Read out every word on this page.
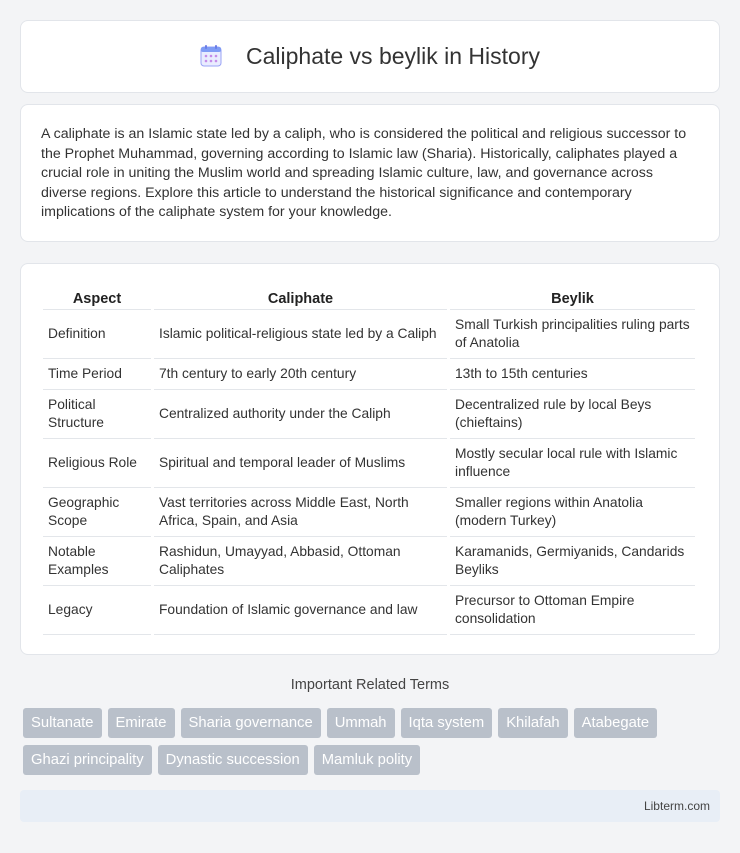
Caliphate vs beylik in History

A caliphate is an Islamic state led by a caliph, who is considered the political and religious successor to the Prophet Muhammad, governing according to Islamic law (Sharia). Historically, caliphates played a crucial role in uniting the Muslim world and spreading Islamic culture, law, and governance across diverse regions. Explore this article to understand the historical significance and contemporary implications of the caliphate system for your knowledge.

Aspect	Caliphate	Beylik
Definition	Islamic political-religious state led by a Caliph	Small Turkish principalities ruling parts of Anatolia
Time Period	7th century to early 20th century	13th to 15th centuries
Political Structure	Centralized authority under the Caliph	Decentralized rule by local Beys (chieftains)
Religious Role	Spiritual and temporal leader of Muslims	Mostly secular local rule with Islamic influence
Geographic Scope	Vast territories across Middle East, North Africa, Spain, and Asia	Smaller regions within Anatolia (modern Turkey)
Notable Examples	Rashidun, Umayyad, Abbasid, Ottoman Caliphates	Karamanids, Germiyanids, Candarids Beyliks
Legacy	Foundation of Islamic governance and law	Precursor to Ottoman Empire consolidation
Important Related Terms
Sultanate	Emirate	Sharia governance	Ummah	Iqta system	Khilafah	Atabegate
Ghazi principality	Dynastic succession	Mamluk polity
Libterm.com
